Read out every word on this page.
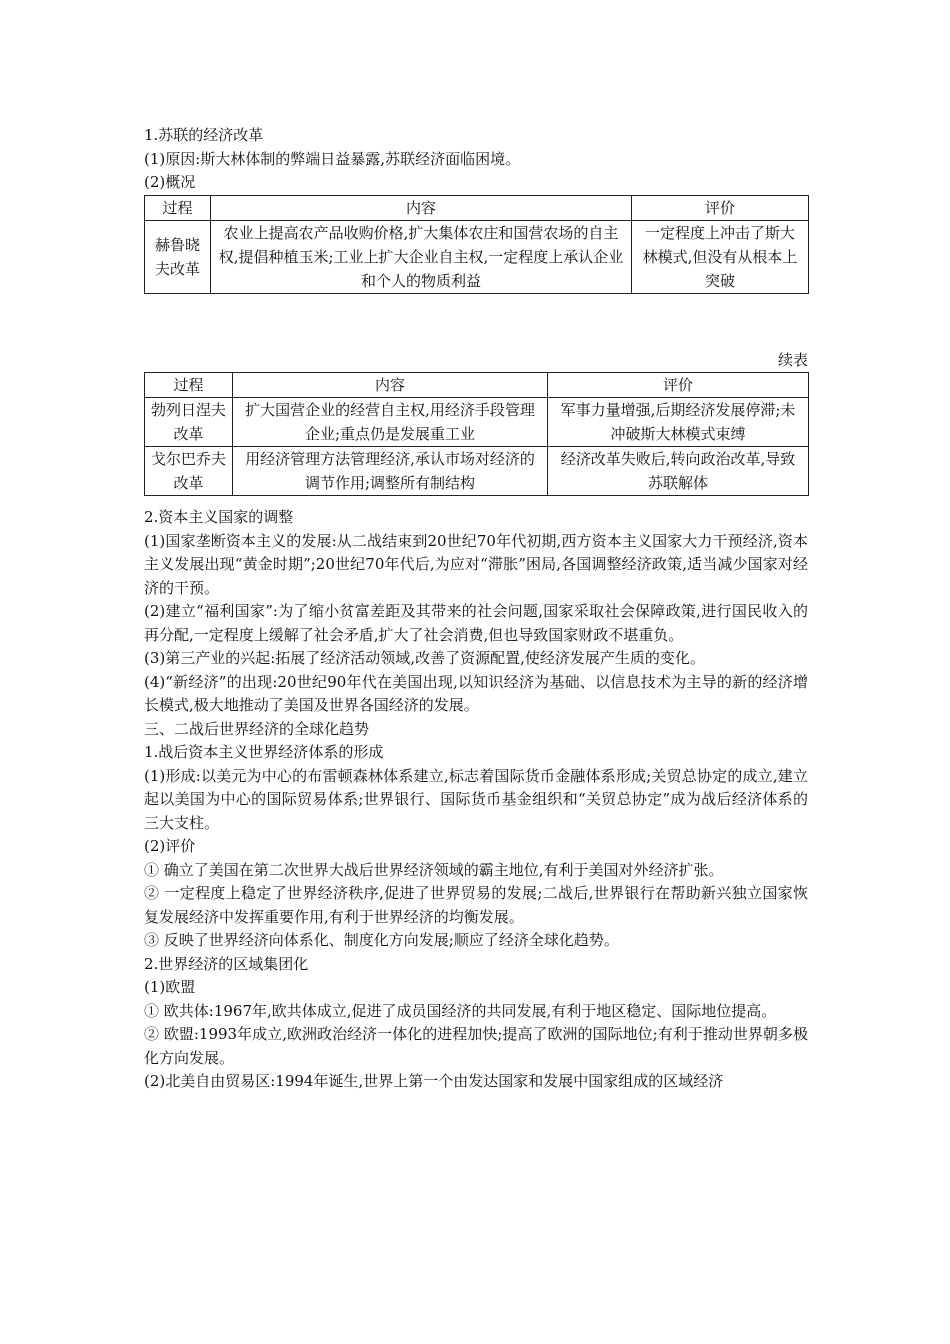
1.苏联的经济改革

(1)原因:斯大林体制的弊端日益暴露,苏联经济面临困境。

(2)概况

过程	内容	评价
赫鲁晓夫改革	农业上提高农产品收购价格,扩大集体农庄和国营农场的自主权,提倡种植玉米;工业上扩大企业自主权,一定程度上承认企业和个人的物质利益	一定程度上冲击了斯大林模式,但没有从根本上突破

续表

过程	内容	评价
勃列日涅夫改革	扩大国营企业的经营自主权,用经济手段管理企业;重点仍是发展重工业	军事力量增强,后期经济发展停滞;未冲破斯大林模式束缚
戈尔巴乔夫改革	用经济管理方法管理经济,承认市场对经济的调节作用;调整所有制结构	经济改革失败后,转向政治改革,导致苏联解体

2.资本主义国家的调整

(1)国家垄断资本主义的发展:从二战结束到20世纪70年代初期,西方资本主义国家大力干预经济,资本主义发展出现“黄金时期”;20世纪70年代后,为应对“滞胀”困局,各国调整经济政策,适当减少国家对经济的干预。

(2)建立“福利国家”:为了缩小贫富差距及其带来的社会问题,国家采取社会保障政策,进行国民收入的再分配,一定程度上缓解了社会矛盾,扩大了社会消费,但也导致国家财政不堪重负。

(3)第三产业的兴起:拓展了经济活动领域,改善了资源配置,使经济发展产生质的变化。

(4)“新经济”的出现:20世纪90年代在美国出现,以知识经济为基础、以信息技术为主导的新的经济增长模式,极大地推动了美国及世界各国经济的发展。

三、二战后世界经济的全球化趋势

1.战后资本主义世界经济体系的形成

(1)形成:以美元为中心的布雷顿森林体系建立,标志着国际货币金融体系形成;关贸总协定的成立,建立起以美国为中心的国际贸易体系;世界银行、国际货币基金组织和“关贸总协定”成为战后经济体系的三大支柱。

(2)评价

① 确立了美国在第二次世界大战后世界经济领域的霸主地位,有利于美国对外经济扩张。

② 一定程度上稳定了世界经济秩序,促进了世界贸易的发展;二战后,世界银行在帮助新兴独立国家恢复发展经济中发挥重要作用,有利于世界经济的均衡发展。

③ 反映了世界经济向体系化、制度化方向发展;顺应了经济全球化趋势。

2.世界经济的区域集团化

(1)欧盟

① 欧共体:1967年,欧共体成立,促进了成员国经济的共同发展,有利于地区稳定、国际地位提高。

② 欧盟:1993年成立,欧洲政治经济一体化的进程加快;提高了欧洲的国际地位;有利于推动世界朝多极化方向发展。

(2)北美自由贸易区:1994年诞生,世界上第一个由发达国家和发展中国家组成的区域经济
